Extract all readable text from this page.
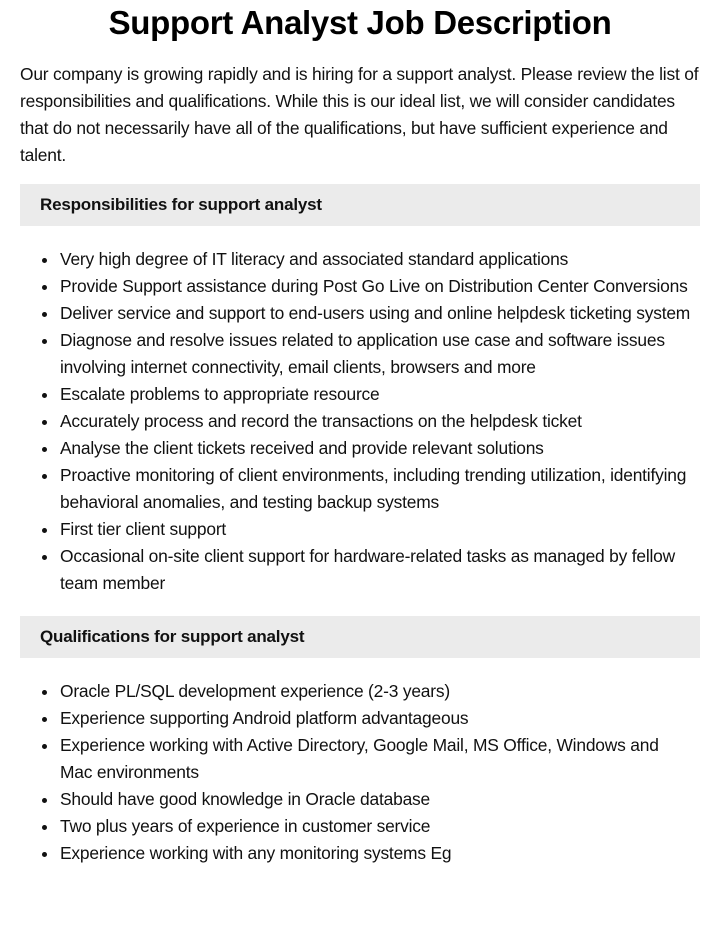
Support Analyst Job Description

Our company is growing rapidly and is hiring for a support analyst. Please review the list of responsibilities and qualifications. While this is our ideal list, we will consider candidates that do not necessarily have all of the qualifications, but have sufficient experience and talent.

Responsibilities for support analyst
Very high degree of IT literacy and associated standard applications
Provide Support assistance during Post Go Live on Distribution Center Conversions
Deliver service and support to end-users using and online helpdesk ticketing system
Diagnose and resolve issues related to application use case and software issues involving internet connectivity, email clients, browsers and more
Escalate problems to appropriate resource
Accurately process and record the transactions on the helpdesk ticket
Analyse the client tickets received and provide relevant solutions
Proactive monitoring of client environments, including trending utilization, identifying behavioral anomalies, and testing backup systems
First tier client support
Occasional on-site client support for hardware-related tasks as managed by fellow team member
Qualifications for support analyst
Oracle PL/SQL development experience (2-3 years)
Experience supporting Android platform advantageous
Experience working with Active Directory, Google Mail, MS Office, Windows and Mac environments
Should have good knowledge in Oracle database
Two plus years of experience in customer service
Experience working with any monitoring systems Eg
